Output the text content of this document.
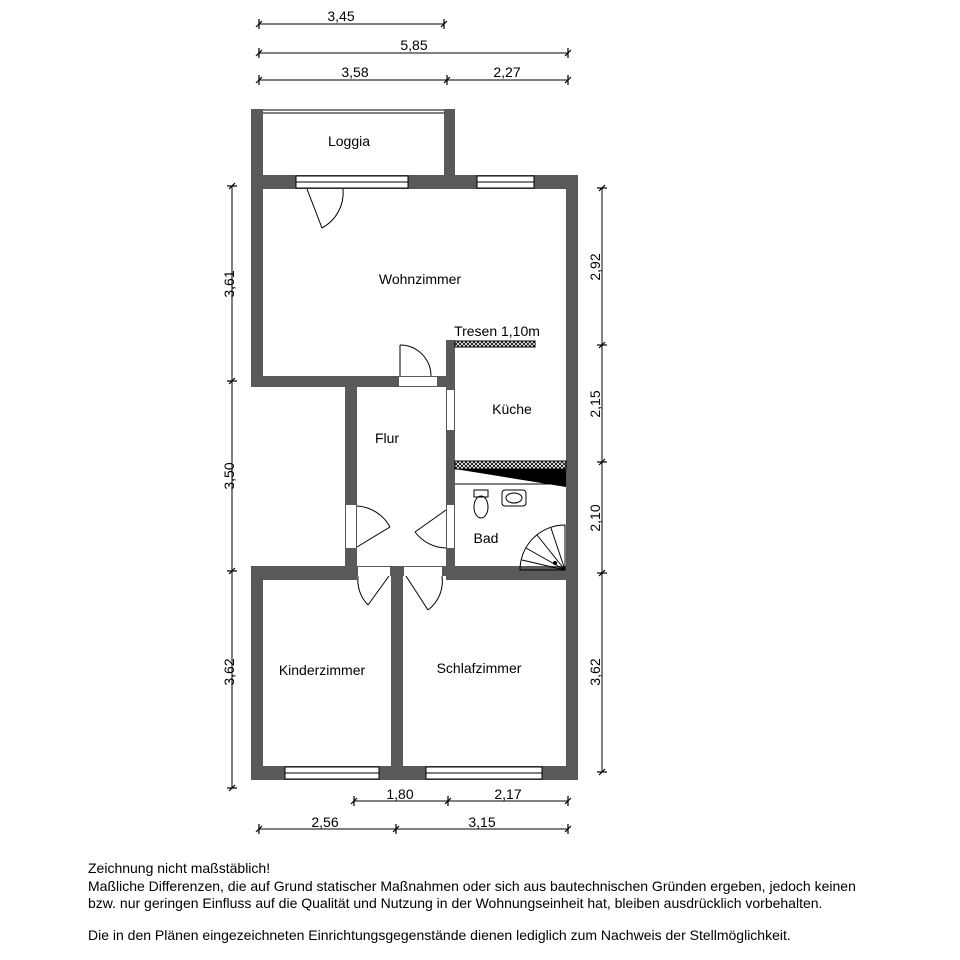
Loggia
Wohnzimmer
Tresen 1,10m
Küche
Flur
Bad
Kinderzimmer	Schlafzimmer
3,45
5,85
3,58	2,27
3,61
3,50
3,62
2,92
2,15
2,10
3,62
1,80	2,17
2,56	3,15

Zeichnung nicht maßstäblich!

Maßliche Differenzen, die auf Grund statischer Maßnahmen oder sich aus bautechnischen Gründen ergeben, jedoch keinen

bzw. nur geringen Einfluss auf die Qualität und Nutzung in der Wohnungseinheit hat, bleiben ausdrücklich vorbehalten.

Die in den Plänen eingezeichneten Einrichtungsgegenstände dienen lediglich zum Nachweis der Stellmöglichkeit.
